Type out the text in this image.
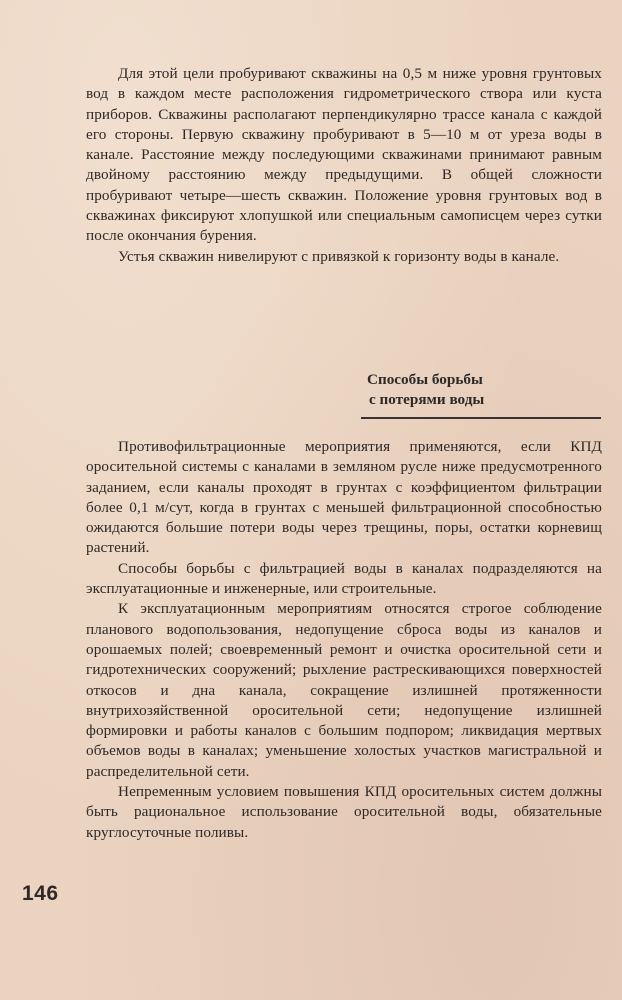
Для этой цели пробуривают скважины на 0,5 м ниже уровня грунтовых вод в каждом месте расположения гидрометрического створа или куста приборов. Скважины располагают перпендикулярно трассе канала с каждой его стороны. Первую скважину пробуривают в 5—10 м от уреза воды в канале. Расстояние между последующими скважинами принимают равным двойному расстоянию между предыдущими. В общей сложности пробуривают четыре—шесть скважин. Положение уровня грунтовых вод в скважинах фиксируют хлопушкой или специальным самописцем через сутки после окончания бурения.

Устья скважин нивелируют с привязкой к горизонту воды в канале.

Способы борьбы
с потерями воды

Противофильтрационные мероприятия применяются, если КПД оросительной системы с каналами в земляном русле ниже предусмотренного заданием, если каналы проходят в грунтах с коэффициентом фильтрации более 0,1 м/сут, когда в грунтах с меньшей фильтрационной способностью ожидаются большие потери воды через трещины, поры, остатки корневищ растений.

Способы борьбы с фильтрацией воды в каналах подразделяются на эксплуатационные и инженерные, или строительные.

К эксплуатационным мероприятиям относятся строгое соблюдение планового водопользования, недопущение сброса воды из каналов и орошаемых полей; своевременный ремонт и очистка оросительной сети и гидротехнических сооружений; рыхление растрескивающихся поверхностей откосов и дна канала, сокращение излишней протяженности внутрихозяйственной оросительной сети; недопущение излишней формировки и работы каналов с большим подпором; ликвидация мертвых объемов воды в каналах; уменьшение холостых участков магистральной и распределительной сети.

Непременным условием повышения КПД оросительных систем должны быть рациональное использование оросительной воды, обязательные круглосуточные поливы.

146
